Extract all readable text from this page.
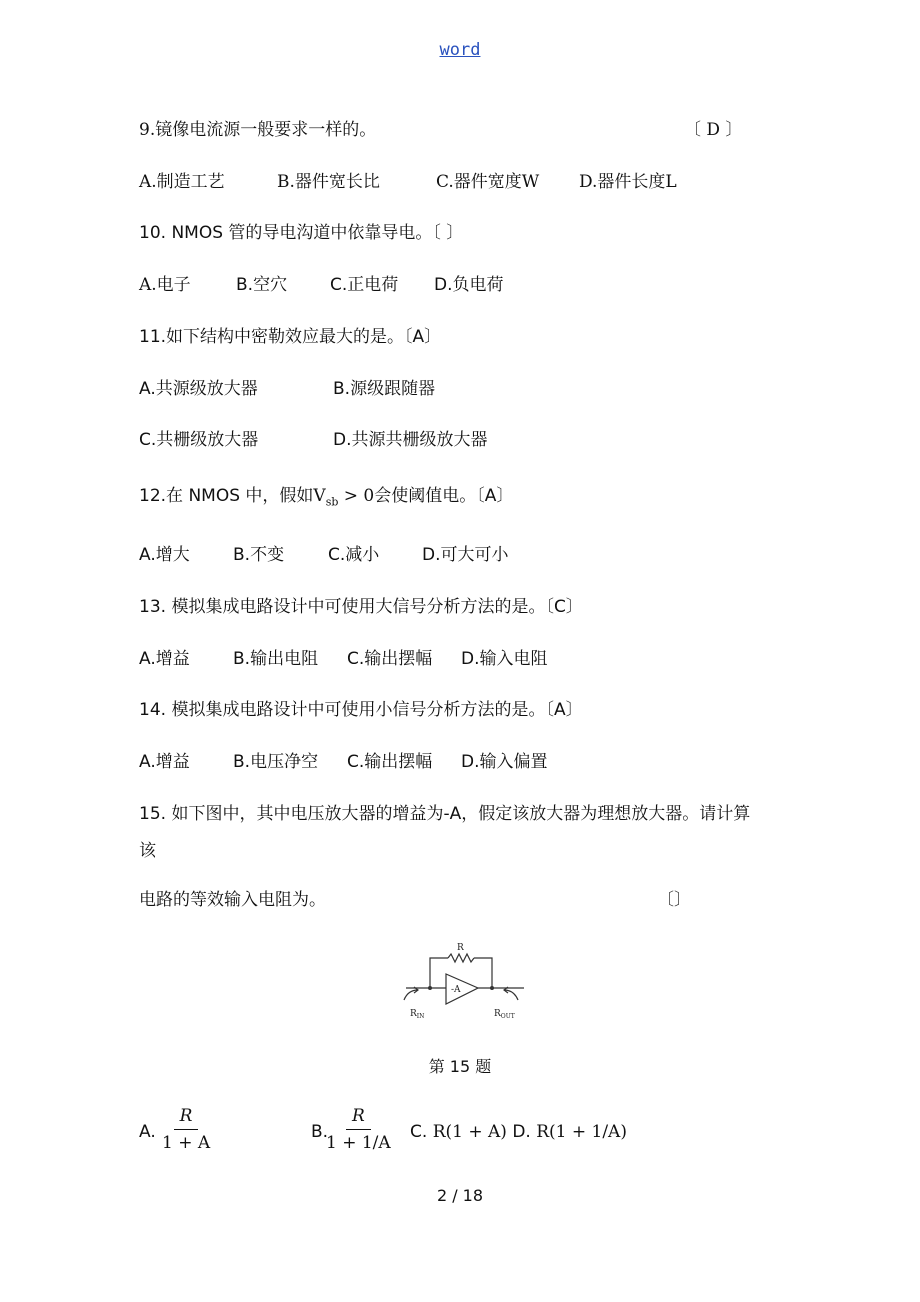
word
9.镜像电流源一般要求一样的。	〔 D 〕
A.制造工艺	B.器件宽长比	C.器件宽度W D.器件长度L
10. NMOS 管的导电沟道中依靠导电。〔 〕
A.电子	B.空穴	C.正电荷 D.负电荷
11.如下结构中密勒效应最大的是。〔A〕
A.共源级放大器	B.源级跟随器
C.共栅级放大器	D.共源共栅级放大器
12.在 NMOS 中，假如$V_{sb} > 0$会使阈值电。〔A〕
A.增大	B.不变	C.减小	D.可大可小
13. 模拟集成电路设计中可使用大信号分析方法的是。〔C〕
A.增益	B.输出电阻 C.输出摆幅 D.输入电阻
14. 模拟集成电路设计中可使用小信号分析方法的是。〔A〕
A.增益	B.电压净空 C.输出摆幅 D.输入偏置
15. 如下图中，其中电压放大器的增益为-A，假定该放大器为理想放大器。请计算
该
电路的等效输入电阻为。	〔〕
R
-A
$R_{IN}$	$R_{OUT}$
第 15 题
A. $\frac{R}{1 + A}$	B.
$\frac{R}{1 + 1/A} C$. R(1 + A) D. R(1 + 1/A)
2 / 18
